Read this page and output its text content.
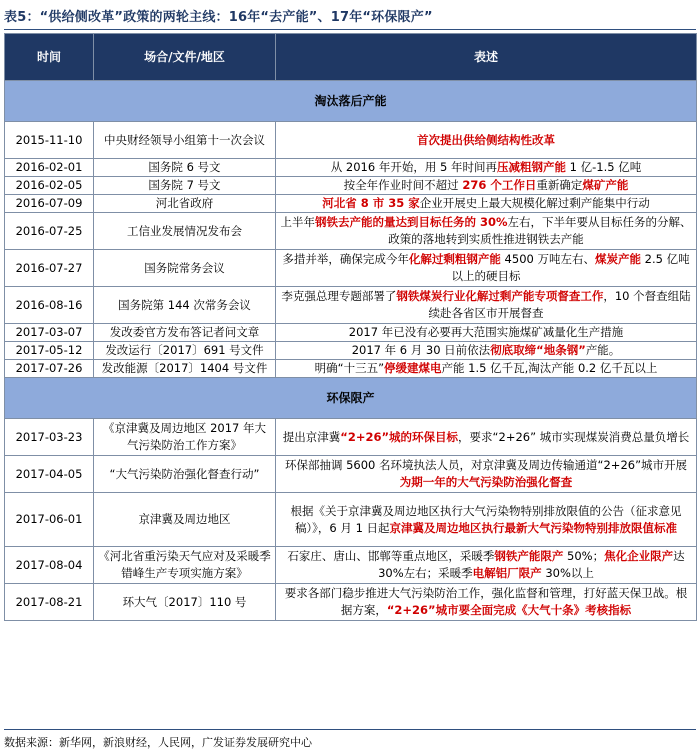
表5：“供给侧改革”政策的两轮主线：16年“去产能”、17年“环保限产”
时间	场合/文件/地区	表述
淘汰落后产能		
2015-11-10	中央财经领导小组第十一次会议	首次提出供给侧结构性改革
2016-02-01	国务院 6 号文	从 2016 年开始，用 5 年时间再压减粗钢产能 1 亿-1.5 亿吨
2016-02-05	国务院 7 号文	按全年作业时间不超过 276 个工作日重新确定煤矿产能
2016-07-09	河北省政府	河北省 8 市 35 家企业开展史上最大规模化解过剩产能集中行动
2016-07-25	工信业发展情况发布会	上半年钢铁去产能的量达到目标任务的 30%左右，下半年要从目标任务的分解、政策的落地转到实质性推进钢铁去产能
2016-07-27	国务院常务会议	多措并举，确保完成今年化解过剩粗钢产能 4500 万吨左右、煤炭产能 2.5 亿吨以上的硬目标
2016-08-16	国务院第 144 次常务会议	李克强总理专题部署了钢铁煤炭行业化解过剩产能专项督查工作，10 个督查组陆续赴各省区市开展督查
2017-03-07	发改委官方发布答记者问文章	2017 年已没有必要再大范围实施煤矿减量化生产措施
2017-05-12	发改运行〔2017〕691 号文件	2017 年 6 月 30 日前依法彻底取缔“地条钢”产能。
2017-07-26	发改能源〔2017〕1404 号文件	明确“十三五”停缓建煤电产能 1.5 亿千瓦,淘汰产能 0.2 亿千瓦以上
环保限产		
2017-03-23	《京津冀及周边地区 2017 年大气污染防治工作方案》	提出京津冀“2+26”城的环保目标，要求“2+26” 城市实现煤炭消费总量负增长
2017-04-05	“大气污染防治强化督查行动”	环保部抽调 5600 名环境执法人员，对京津冀及周边传输通道“2+26”城市开展为期一年的大气污染防治强化督查
2017-06-01	京津冀及周边地区	根据《关于京津冀及周边地区执行大气污染物特别排放限值的公告（征求意见稿）》，6 月 1 日起京津冀及周边地区执行最新大气污染物特别排放限值标准
2017-08-04	《河北省重污染天气应对及采暖季错峰生产专项实施方案》	石家庄、唐山、邯郸等重点地区，采暖季钢铁产能限产 50%；焦化企业限产达 30%左右；采暖季电解铝厂限产 30%以上
2017-08-21	环大气〔2017〕110 号	要求各部门稳步推进大气污染防治工作，强化监督和管理，打好蓝天保卫战。根据方案，“2+26”城市要全面完成《大气十条》考核指标
数据来源：新华网，新浪财经，人民网，广发证券发展研究中心
